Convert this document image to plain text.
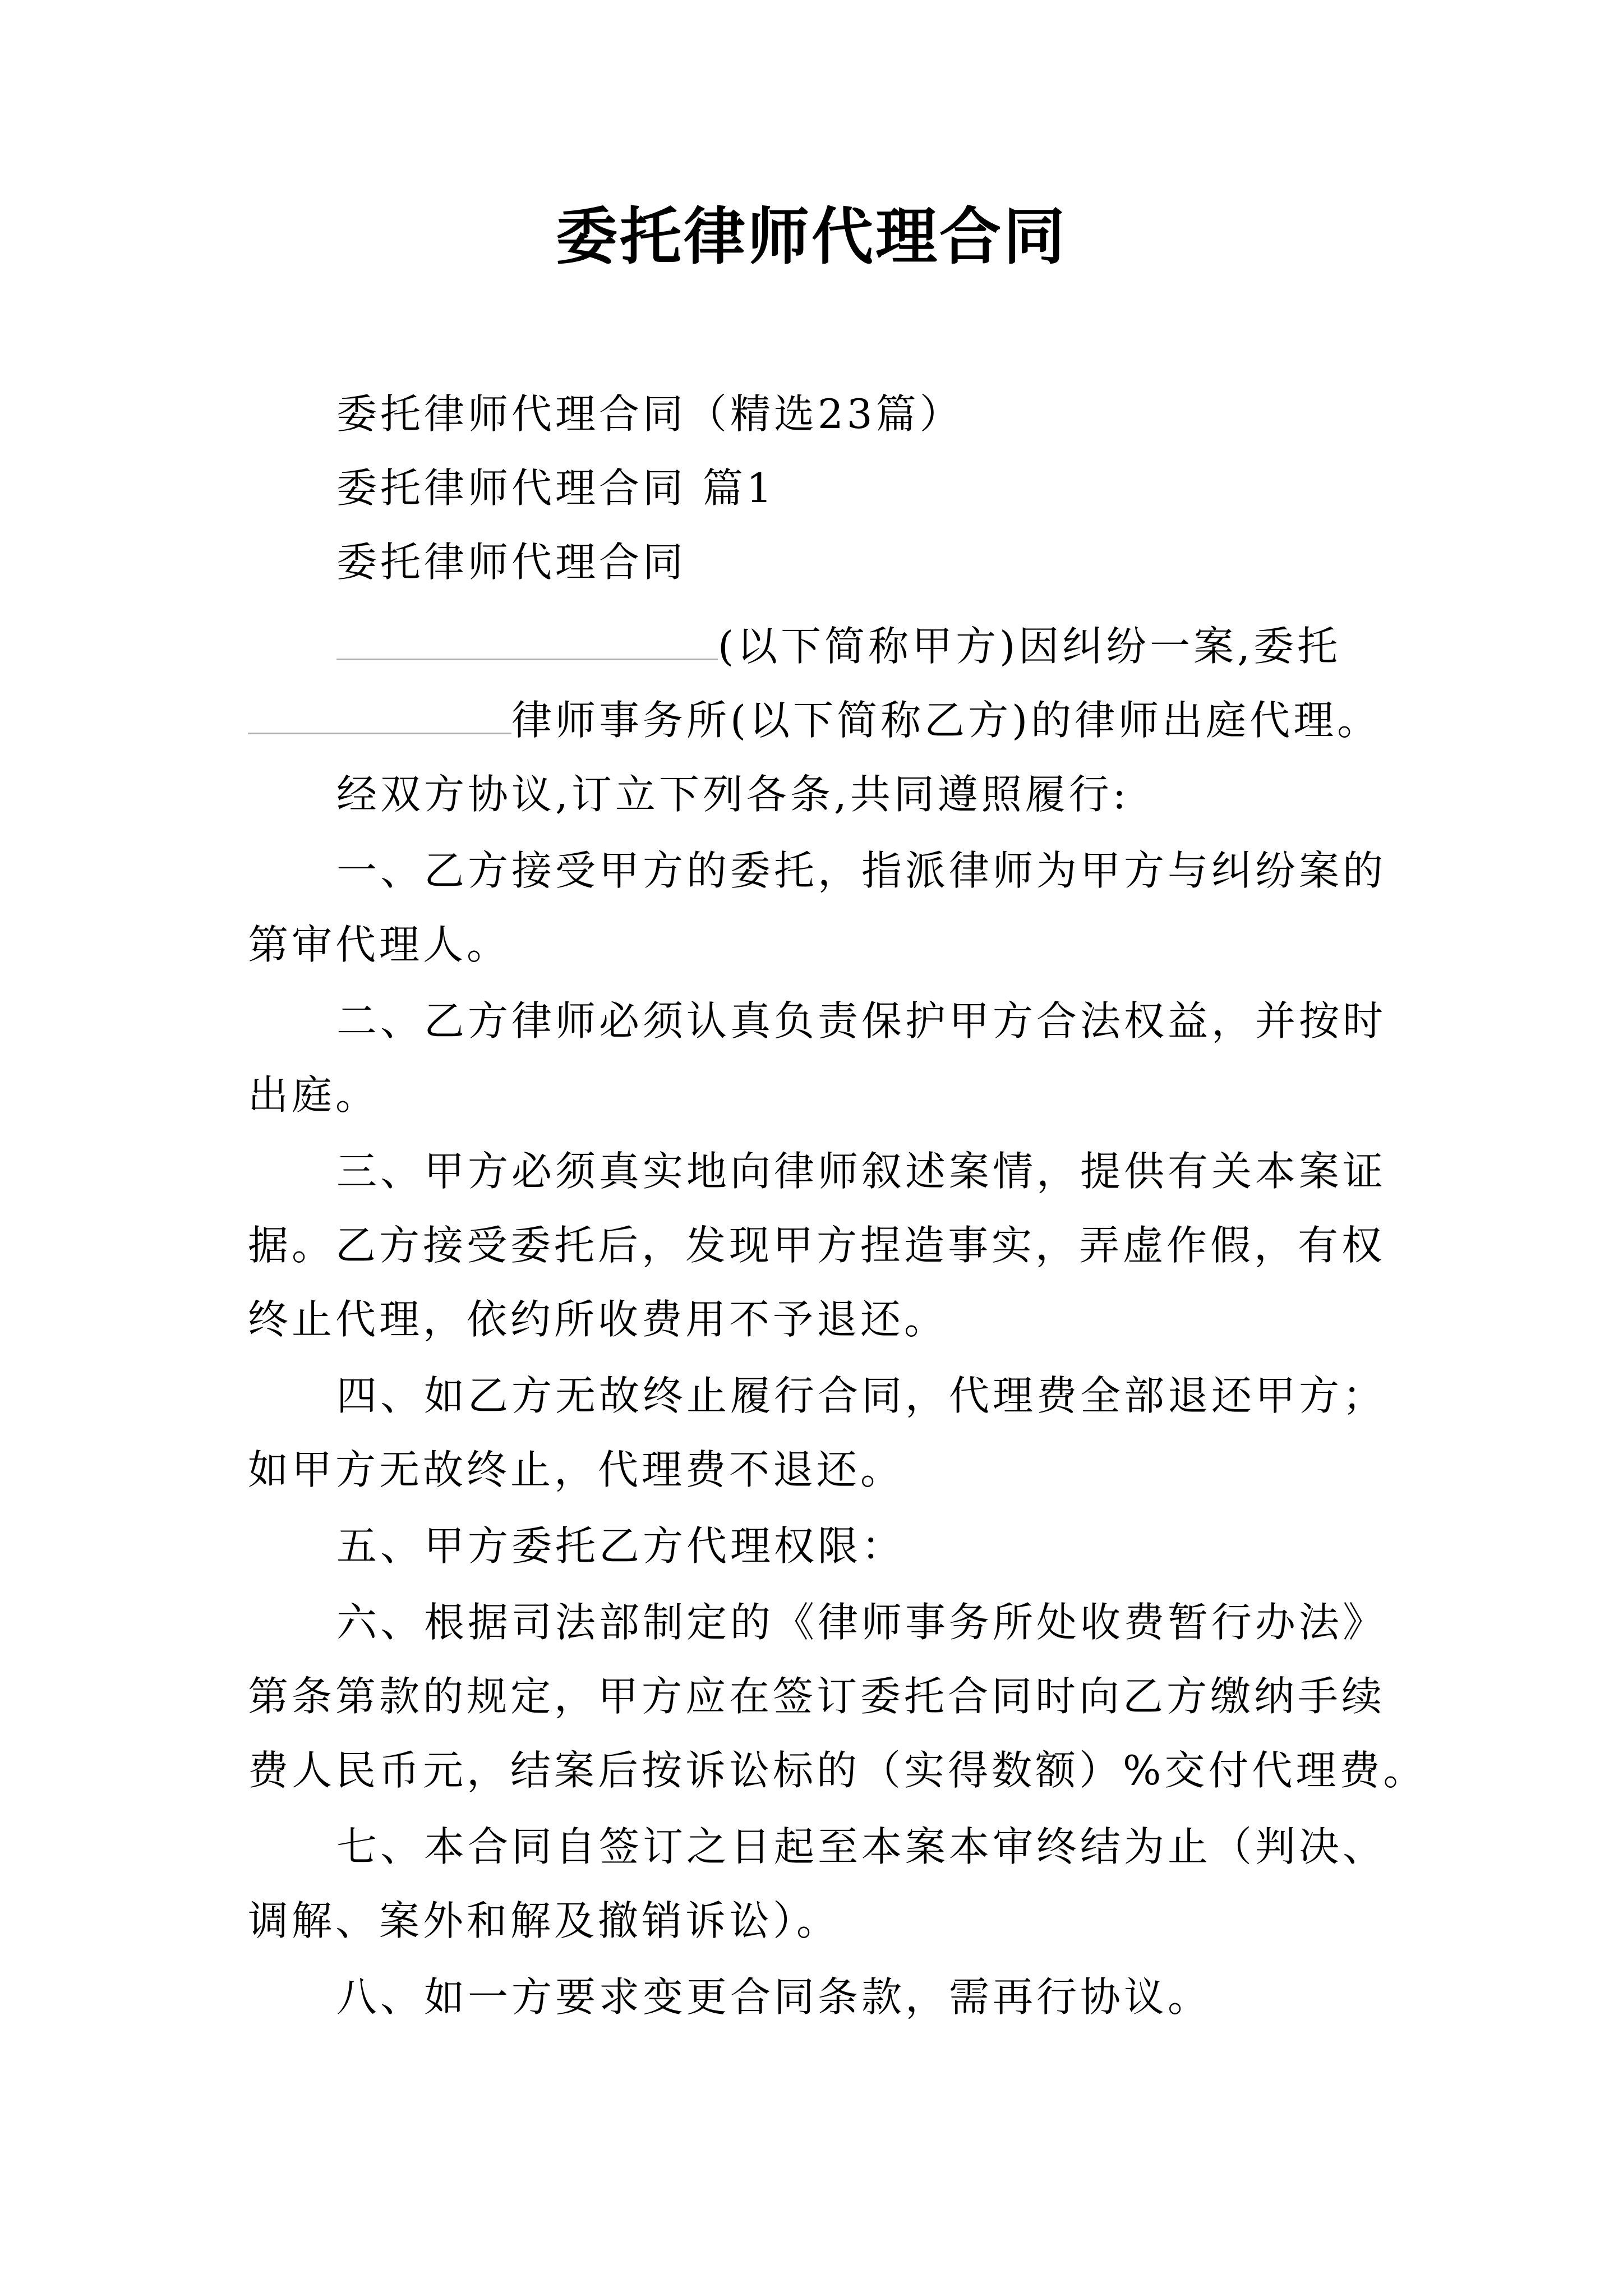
委托律师代理合同

委托律师代理合同（精选23篇）

委托律师代理合同 篇1

委托律师代理合同

(以下简称甲方)因纠纷一案,委托

律师事务所(以下简称乙方)的律师出庭代理。

经双方协议,订立下列各条,共同遵照履行:

一、乙方接受甲方的委托，指派律师为甲方与纠纷案的

第审代理人。

二、乙方律师必须认真负责保护甲方合法权益，并按时

出庭。

三、甲方必须真实地向律师叙述案情，提供有关本案证

据。乙方接受委托后，发现甲方捏造事实，弄虚作假，有权

终止代理，依约所收费用不予退还。

四、如乙方无故终止履行合同，代理费全部退还甲方；

如甲方无故终止，代理费不退还。

五、甲方委托乙方代理权限：

六、根据司法部制定的《律师事务所处收费暂行办法》

第条第款的规定，甲方应在签订委托合同时向乙方缴纳手续

费人民币元，结案后按诉讼标的（实得数额）%交付代理费。

七、本合同自签订之日起至本案本审终结为止（判决、

调解、案外和解及撤销诉讼）。

八、如一方要求变更合同条款，需再行协议。
